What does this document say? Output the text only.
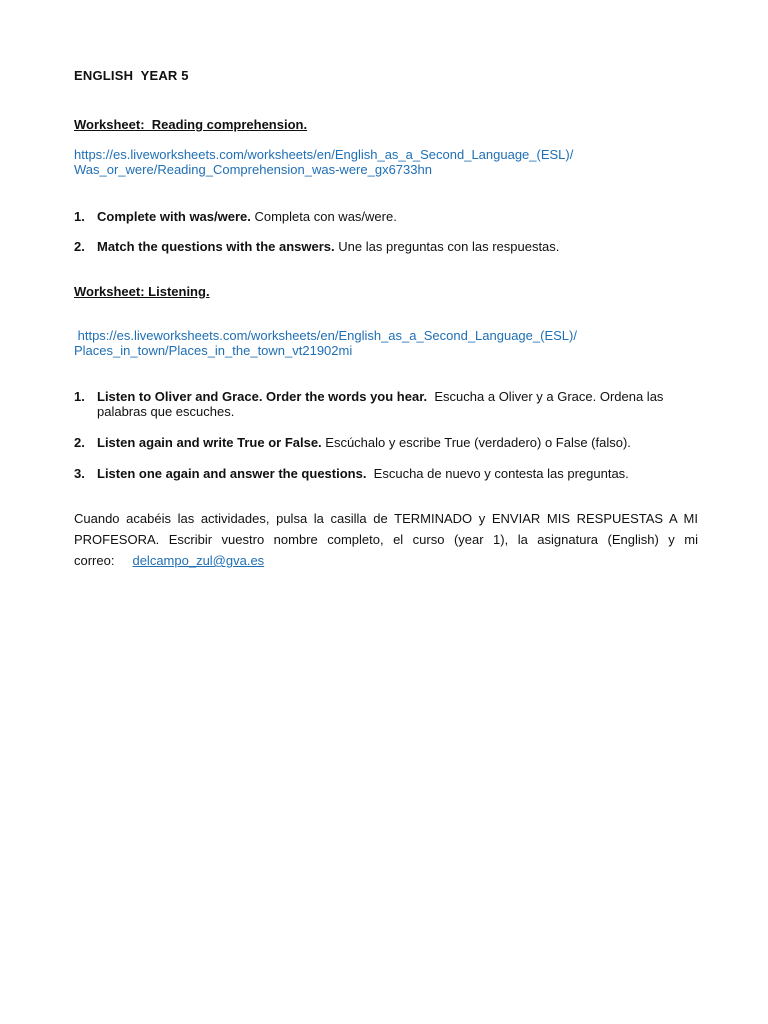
ENGLISH  YEAR 5
Worksheet:  Reading comprehension.
https://es.liveworksheets.com/worksheets/en/English_as_a_Second_Language_(ESL)/
Was_or_were/Reading_Comprehension_was-were_gx6733hn
1. Complete with was/were. Completa con was/were.
2. Match the questions with the answers. Une las preguntas con las respuestas.
Worksheet: Listening.
https://es.liveworksheets.com/worksheets/en/English_as_a_Second_Language_(ESL)/
Places_in_town/Places_in_the_town_vt21902mi
1. Listen to Oliver and Grace. Order the words you hear.  Escucha a Oliver y a Grace. Ordena las palabras que escuches.
2. Listen again and write True or False. Escúchalo y escribe True (verdadero) o False (falso).
3. Listen one again and answer the questions.  Escucha de nuevo y contesta las preguntas.
Cuando acabéis las actividades, pulsa la casilla de TERMINADO y ENVIAR MIS RESPUESTAS A MI PROFESORA. Escribir vuestro nombre completo, el curso (year 1), la asignatura (English) y mi correo: delcampo_zul@gva.es
